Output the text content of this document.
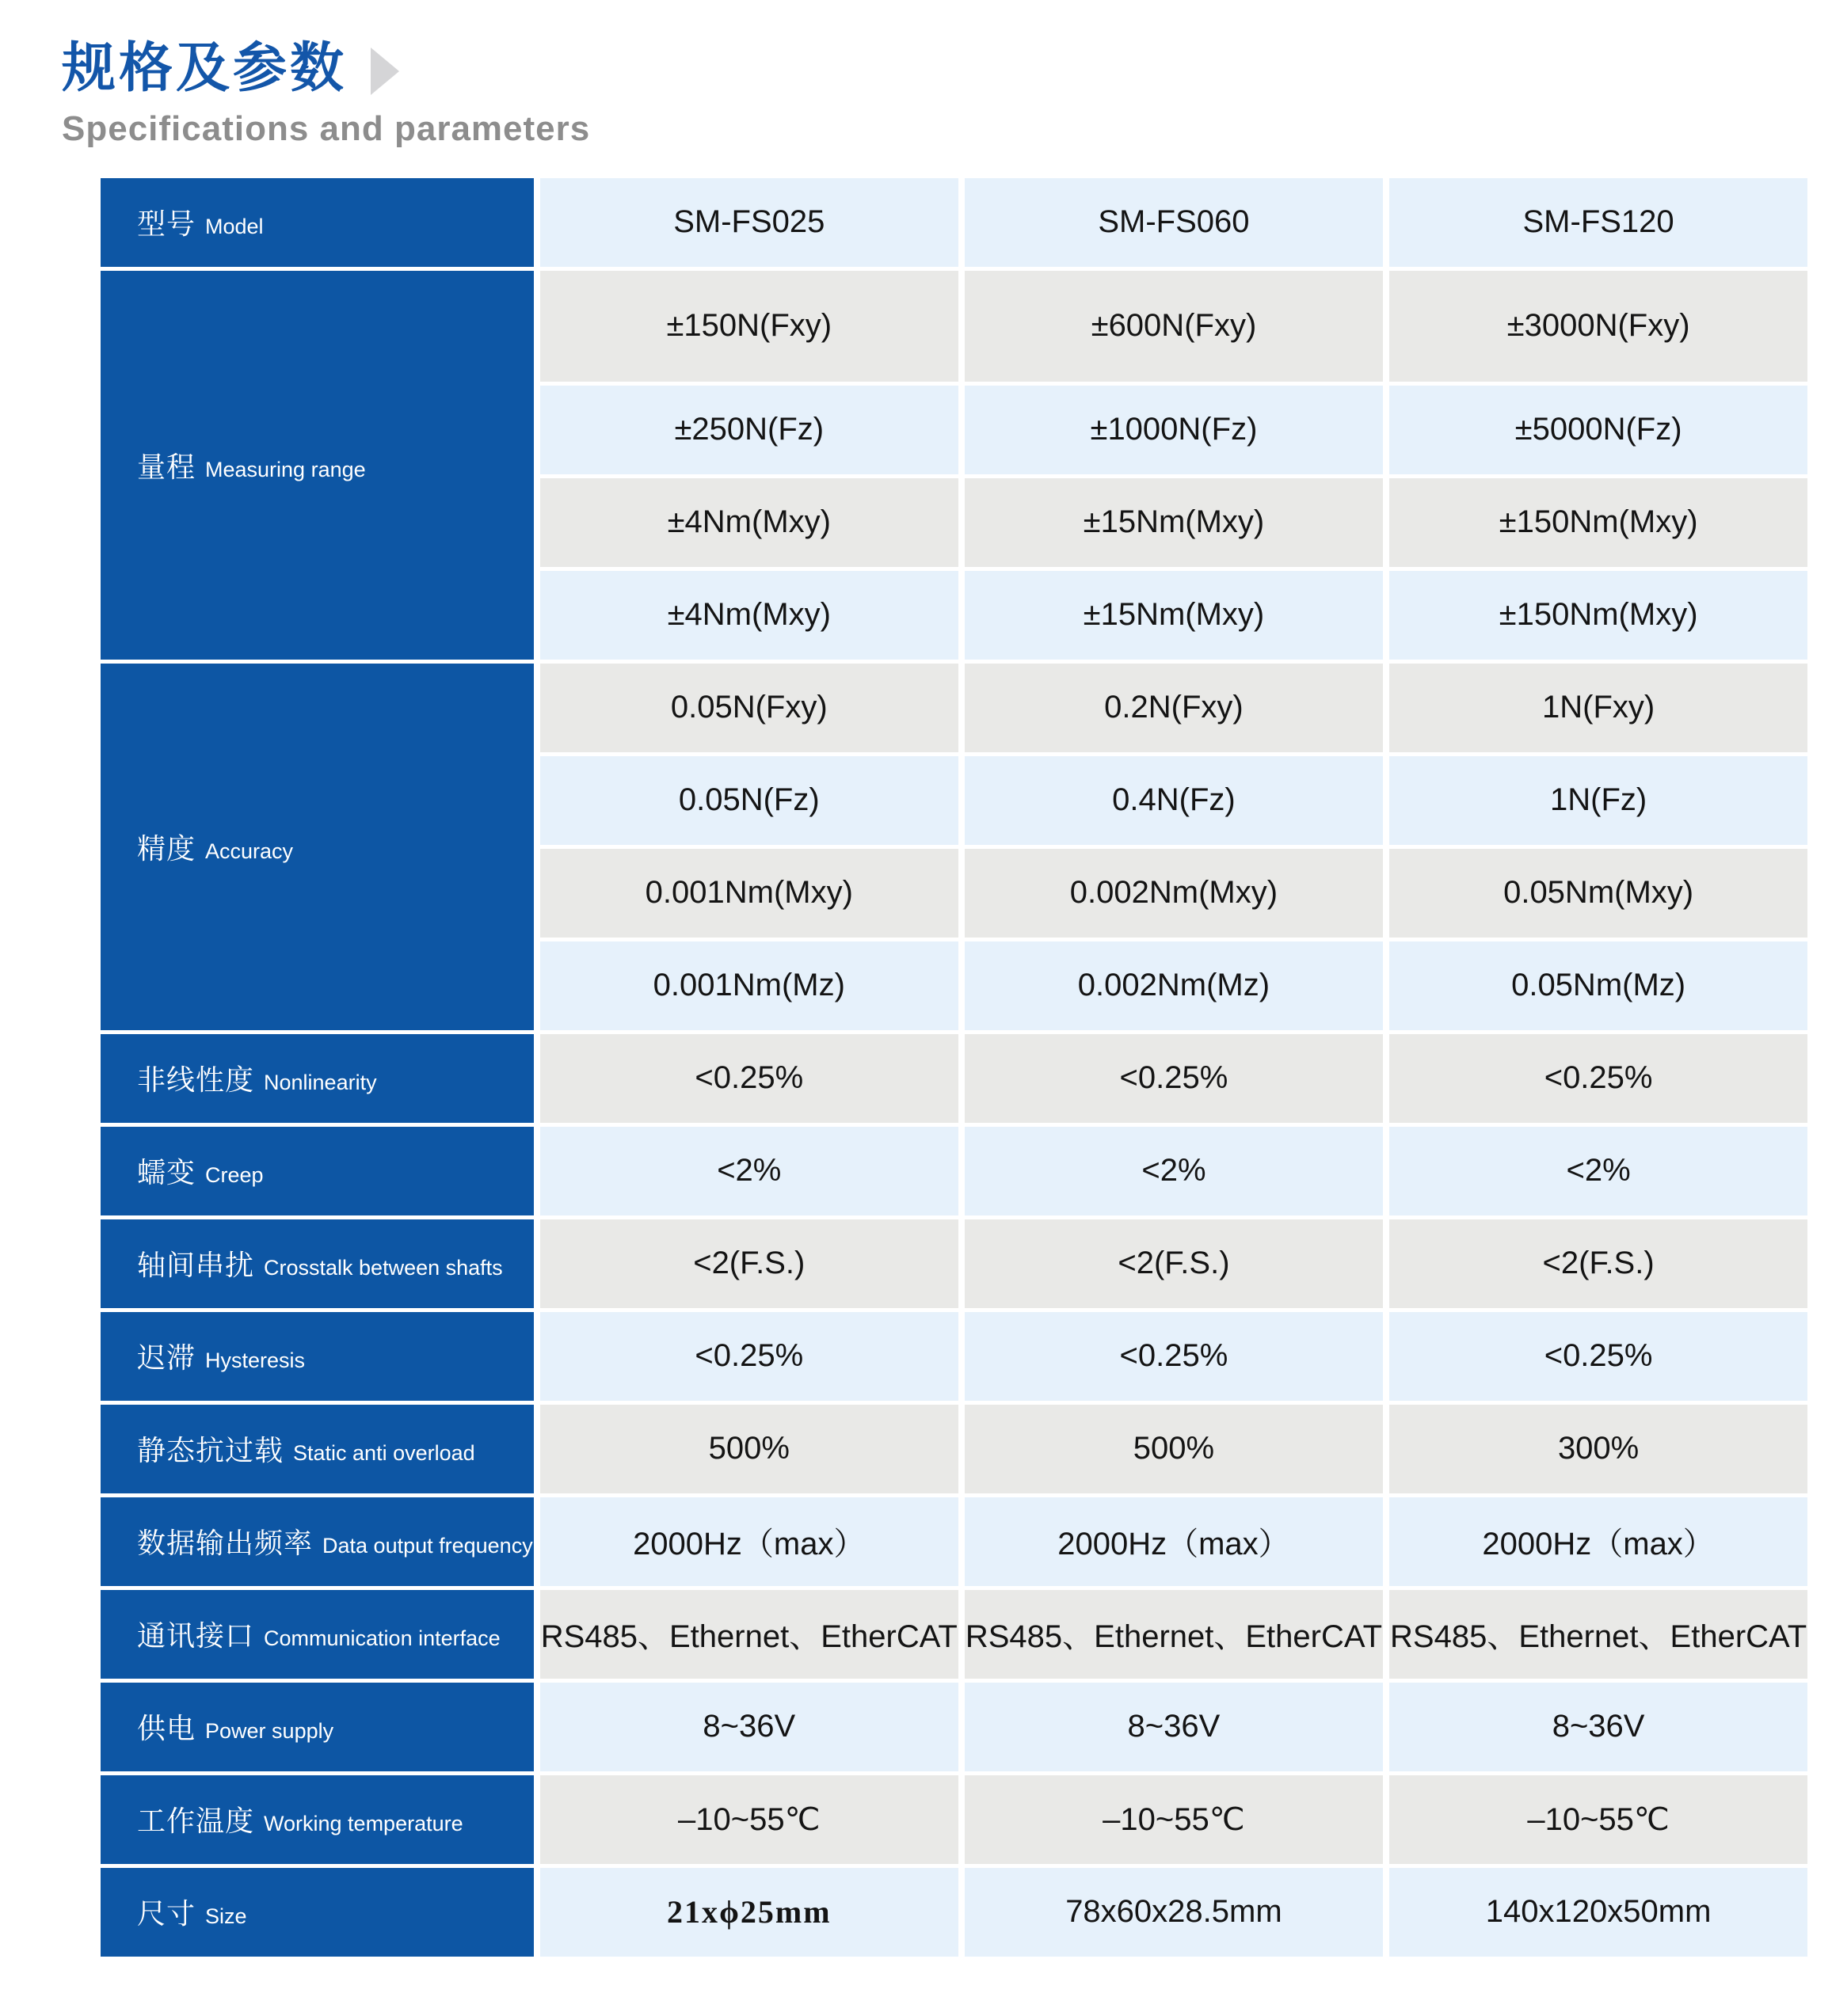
规格及参数
Specifications and parameters
型号 Model	SM-FS025	SM-FS060	SM-FS120
量程 Measuring range	±150N(Fxy)	±600N(Fxy)	±3000N(Fxy)
	±250N(Fz)	±1000N(Fz)	±5000N(Fz)
	±4Nm(Mxy)	±15Nm(Mxy)	±150Nm(Mxy)
	±4Nm(Mxy)	±15Nm(Mxy)	±150Nm(Mxy)
精度 Accuracy	0.05N(Fxy)	0.2N(Fxy)	1N(Fxy)
	0.05N(Fz)	0.4N(Fz)	1N(Fz)
	0.001Nm(Mxy)	0.002Nm(Mxy)	0.05Nm(Mxy)
	0.001Nm(Mz)	0.002Nm(Mz)	0.05Nm(Mz)
非线性度 Nonlinearity	<0.25%	<0.25%	<0.25%
蠕变 Creep	<2%	<2%	<2%
轴间串扰 Crosstalk between shafts	<2(F.S.)	<2(F.S.)	<2(F.S.)
迟滞 Hysteresis	<0.25%	<0.25%	<0.25%
静态抗过载 Static anti overload	500%	500%	300%
数据输出频率 Data output frequency	2000Hz（max）	2000Hz（max）	2000Hz（max）
通讯接口 Communication interface	RS485、Ethernet、EtherCAT	RS485、Ethernet、EtherCAT	RS485、Ethernet、EtherCAT
供电 Power supply	8~36V	8~36V	8~36V
工作温度 Working temperature	–10~55℃	–10~55℃	–10~55℃
尺寸 Size	21xϕ25mm	78x60x28.5mm	140x120x50mm
